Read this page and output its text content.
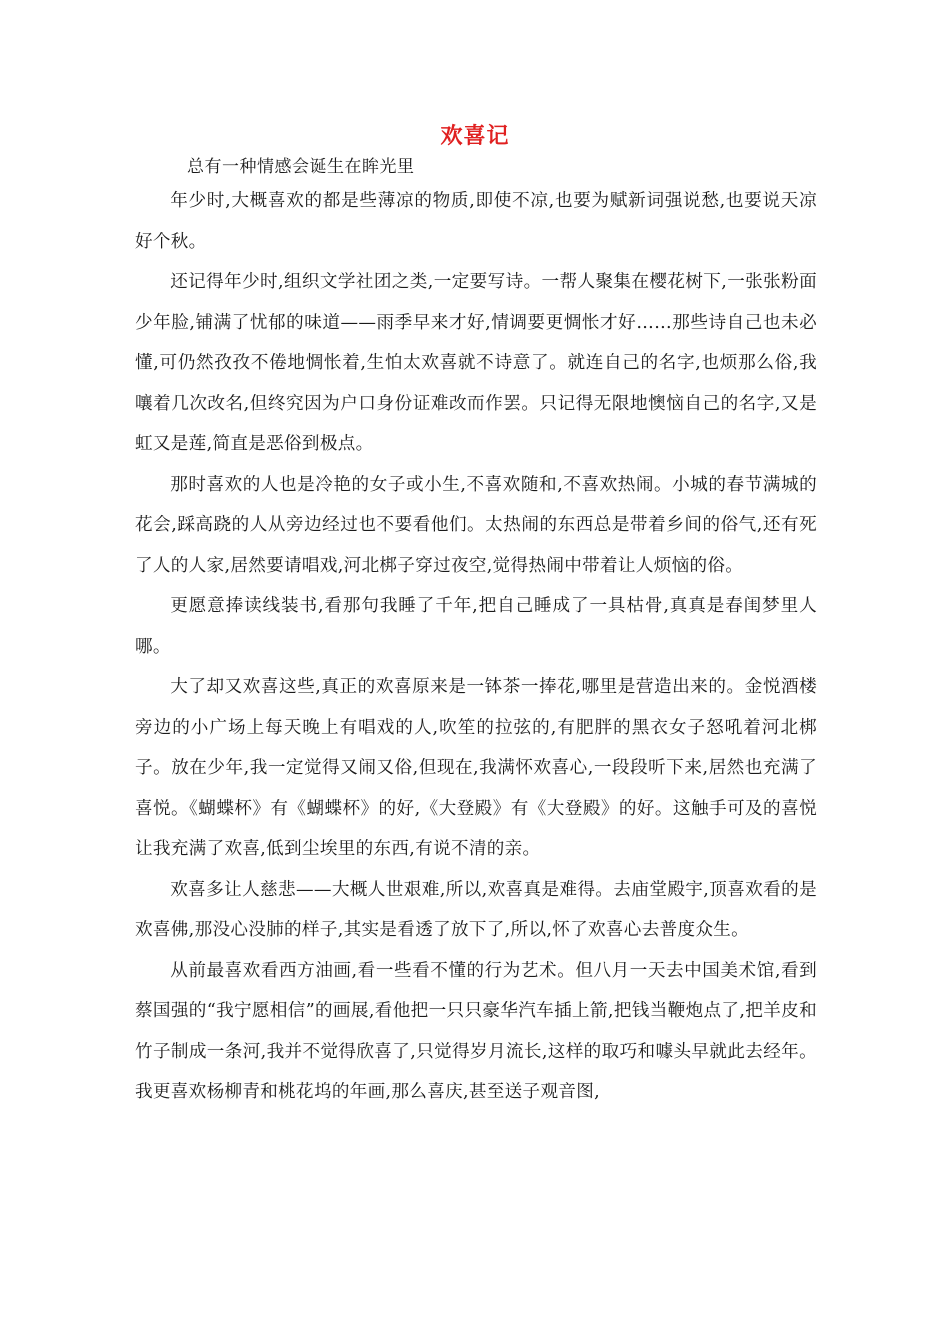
欢喜记
总有一种情感会诞生在眸光里

年少时,大概喜欢的都是些薄凉的物质,即使不凉,也要为赋新词强说愁,也要说天凉好个秋。

还记得年少时,组织文学社团之类,一定要写诗。一帮人聚集在樱花树下,一张张粉面少年脸,铺满了忧郁的味道——雨季早来才好,情调要更惆怅才好……那些诗自己也未必懂,可仍然孜孜不倦地惆怅着,生怕太欢喜就不诗意了。就连自己的名字,也烦那么俗,我嚷着几次改名,但终究因为户口身份证难改而作罢。只记得无限地懊恼自己的名字,又是虹又是莲,简直是恶俗到极点。

那时喜欢的人也是冷艳的女子或小生,不喜欢随和,不喜欢热闹。小城的春节满城的花会,踩高跷的人从旁边经过也不要看他们。太热闹的东西总是带着乡间的俗气,还有死了人的人家,居然要请唱戏,河北梆子穿过夜空,觉得热闹中带着让人烦恼的俗。

更愿意捧读线装书,看那句我睡了千年,把自己睡成了一具枯骨,真真是春闺梦里人哪。

大了却又欢喜这些,真正的欢喜原来是一钵茶一捧花,哪里是营造出来的。金悦酒楼旁边的小广场上每天晚上有唱戏的人,吹笙的拉弦的,有肥胖的黑衣女子怒吼着河北梆子。放在少年,我一定觉得又闹又俗,但现在,我满怀欢喜心,一段段听下来,居然也充满了喜悦。《蝴蝶杯》有《蝴蝶杯》的好,《大登殿》有《大登殿》的好。这触手可及的喜悦让我充满了欢喜,低到尘埃里的东西,有说不清的亲。

欢喜多让人慈悲——大概人世艰难,所以,欢喜真是难得。去庙堂殿宇,顶喜欢看的是欢喜佛,那没心没肺的样子,其实是看透了放下了,所以,怀了欢喜心去普度众生。

从前最喜欢看西方油画,看一些看不懂的行为艺术。但八月一天去中国美术馆,看到蔡国强的“我宁愿相信”的画展,看他把一只只豪华汽车插上箭,把钱当鞭炮点了,把羊皮和竹子制成一条河,我并不觉得欣喜了,只觉得岁月流长,这样的取巧和噱头早就此去经年。我更喜欢杨柳青和桃花坞的年画,那么喜庆,甚至送子观音图,
